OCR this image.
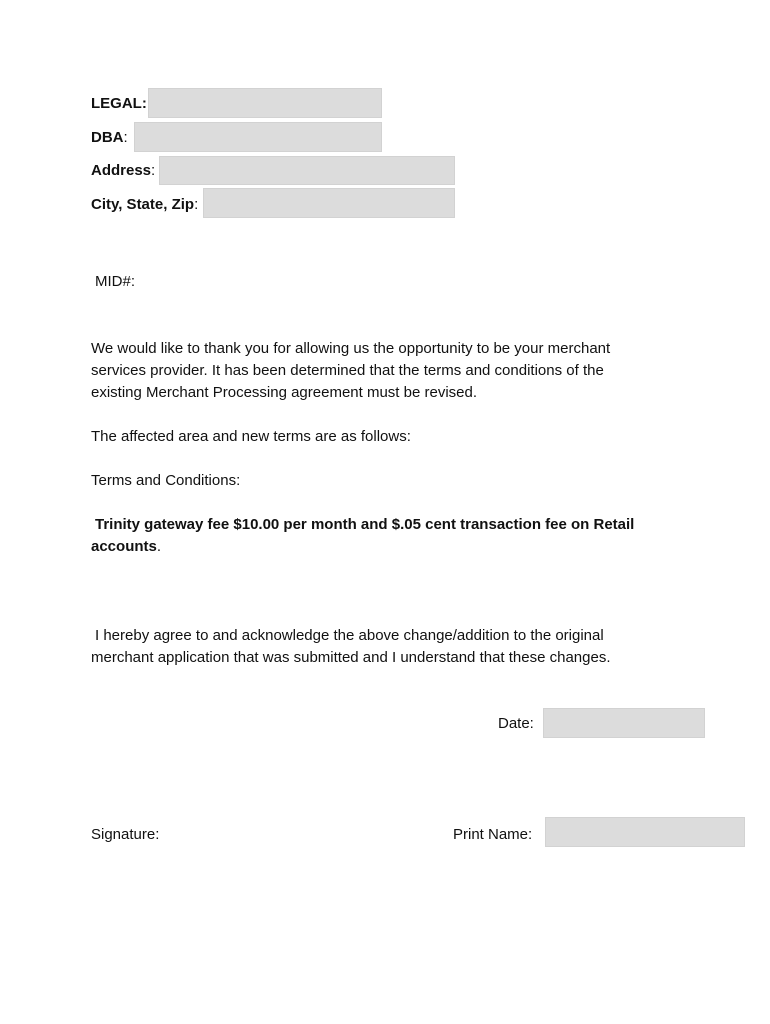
LEGAL:
DBA:
Address:
City, State, Zip:
MID#:
We would like to thank you for allowing us the opportunity to be your merchant
services provider. It has been determined that the terms and conditions of the
existing Merchant Processing agreement must be revised.
The affected area and new terms are as follows:
Terms and Conditions:
Trinity gateway fee $10.00 per month and $.05 cent transaction fee on Retail
accounts.
I hereby agree to and acknowledge the above change/addition to the original
merchant application that was submitted and I understand that these changes.
Date:
Signature:	Print Name:
